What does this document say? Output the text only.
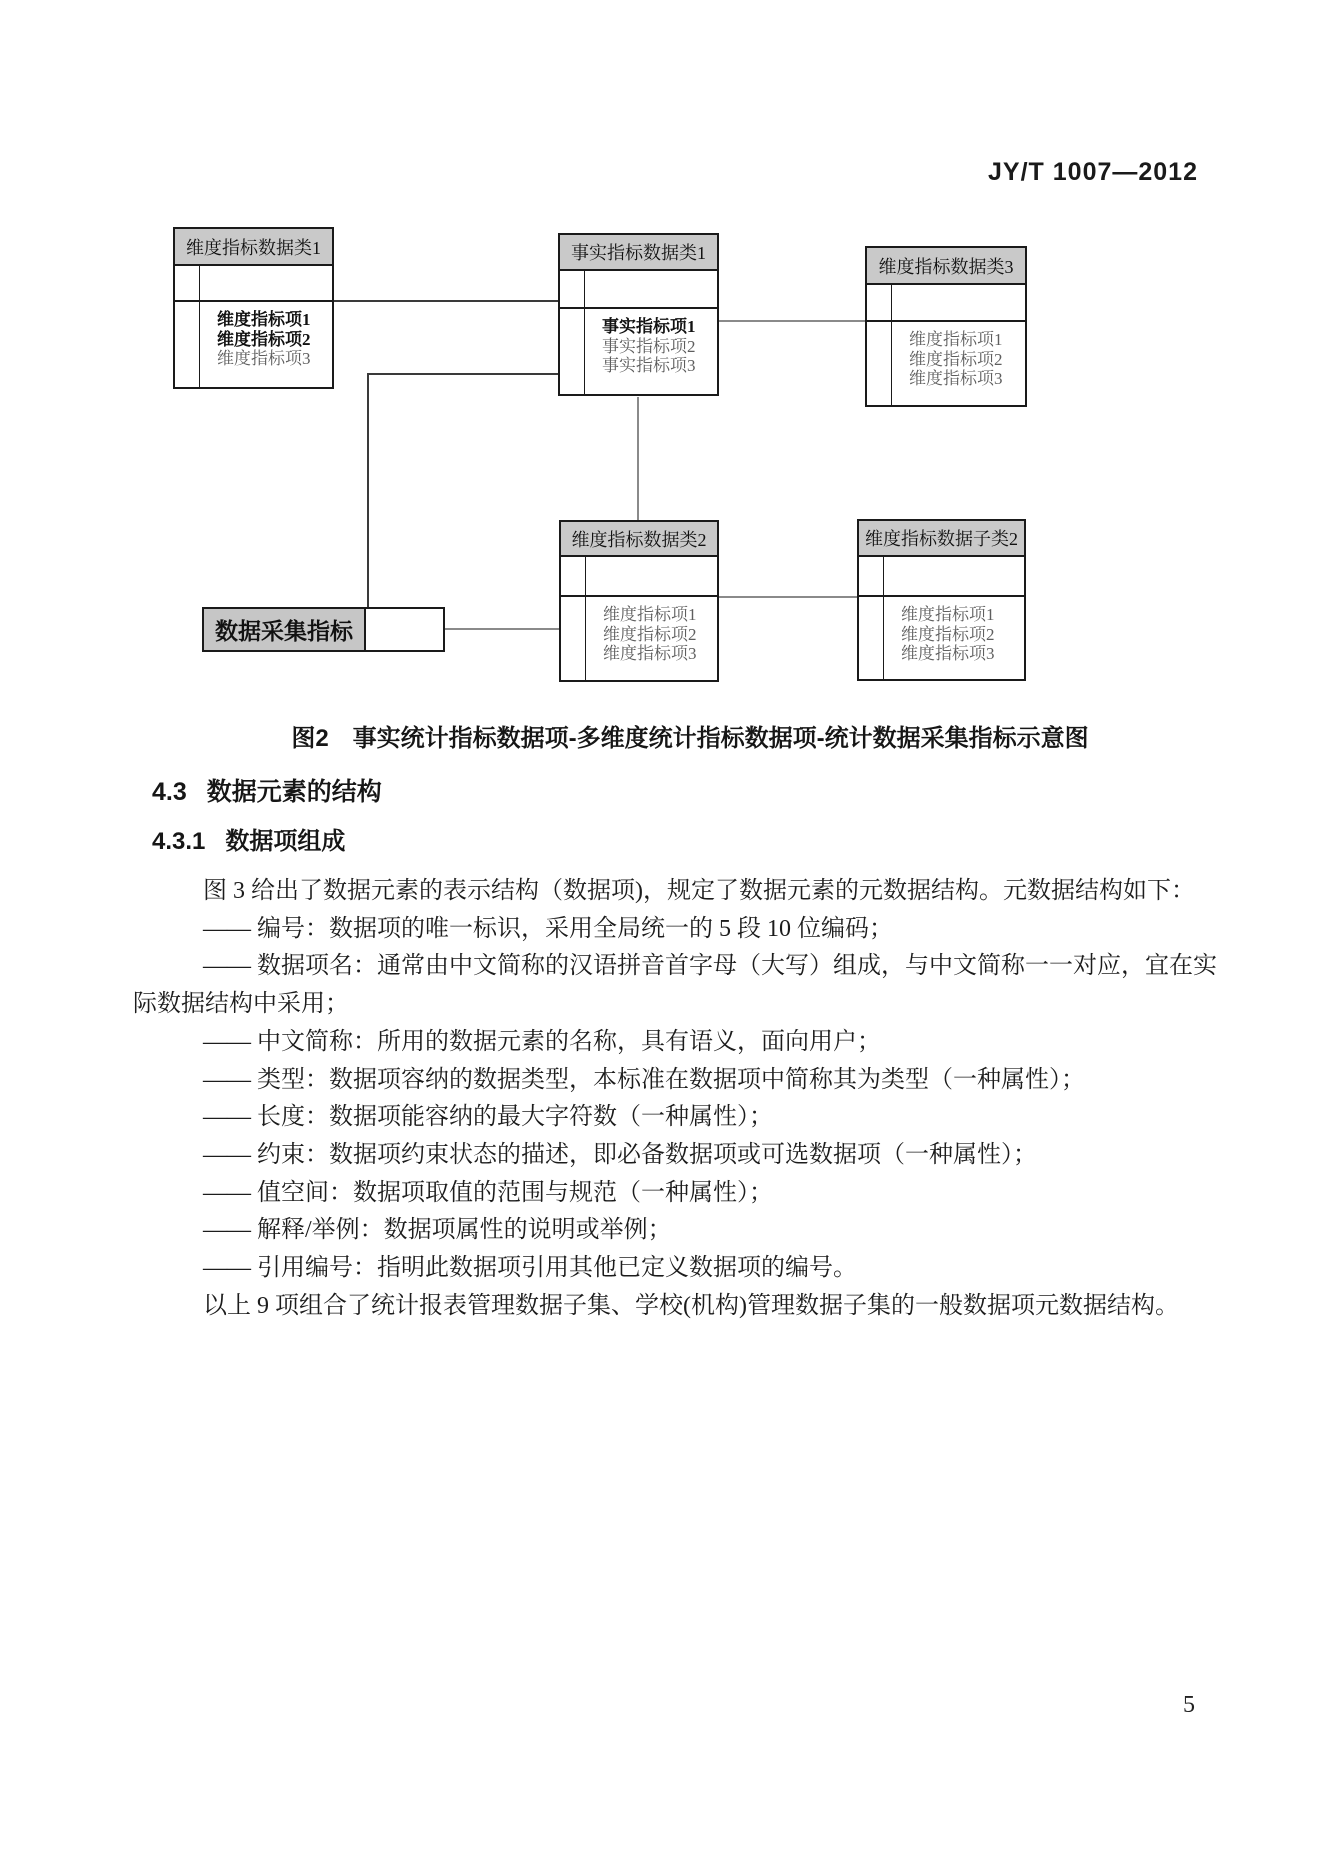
JY/T 1007—2012
维度指标数据类1
维度指标项1
维度指标项2
维度指标项3
事实指标数据类1
事实指标项1
事实指标项2
事实指标项3
维度指标数据类3
维度指标项1
维度指标项2
维度指标项3
维度指标数据类2
维度指标项1
维度指标项2
维度指标项3
维度指标数据子类2
维度指标项1
维度指标项2
维度指标项3
数据采集指标
图2　事实统计指标数据项-多维度统计指标数据项-统计数据采集指标示意图
4.3 数据元素的结构
4.3.1 数据项组成
图 3 给出了数据元素的表示结构（数据项)，规定了数据元素的元数据结构。元数据结构如下：
—— 编号：数据项的唯一标识，采用全局统一的 5 段 10 位编码；
—— 数据项名：通常由中文简称的汉语拼音首字母（大写）组成，与中文简称一一对应，宜在实
际数据结构中采用；
—— 中文简称：所用的数据元素的名称，具有语义，面向用户；
—— 类型：数据项容纳的数据类型，本标准在数据项中简称其为类型（一种属性）；
—— 长度：数据项能容纳的最大字符数（一种属性）；
—— 约束：数据项约束状态的描述，即必备数据项或可选数据项（一种属性）；
—— 值空间：数据项取值的范围与规范（一种属性）；
—— 解释/举例：数据项属性的说明或举例；
—— 引用编号：指明此数据项引用其他已定义数据项的编号。
以上 9 项组合了统计报表管理数据子集、学校(机构)管理数据子集的一般数据项元数据结构。
5
